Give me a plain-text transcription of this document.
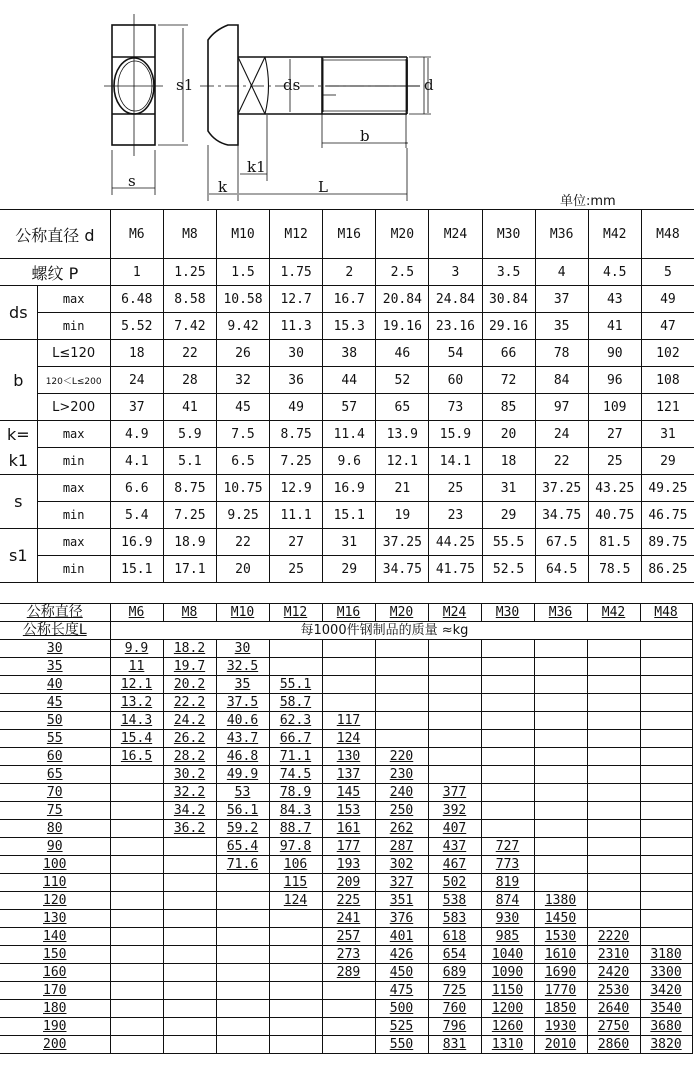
s1	ds	d
b
k1
s	k	L
单位:mm
公称直径 d		M6	M8	M10	M12	M16	M20	M24	M30	M36	M42	M48
螺纹 P		1	1.25	1.5	1.75	2	2.5	3	3.5	4	4.5	5
ds	max	6.48	8.58	10.58	12.7	16.7	20.84	24.84	30.84	37	43	49
	min	5.52	7.42	9.42	11.3	15.3	19.16	23.16	29.16	35	41	47
b	L≤120	18	22	26	30	38	46	54	66	78	90	102
	120＜L≤200	24	28	32	36	44	52	60	72	84	96	108
	L>200	37	41	45	49	57	65	73	85	97	109	121
k=	max	4.9	5.9	7.5	8.75	11.4	13.9	15.9	20	24	27	31
k1	min	4.1	5.1	6.5	7.25	9.6	12.1	14.1	18	22	25	29
s	max	6.6	8.75	10.75	12.9	16.9	21	25	31	37.25	43.25	49.25
	min	5.4	7.25	9.25	11.1	15.1	19	23	29	34.75	40.75	46.75
s1	max	16.9	18.9	22	27	31	37.25	44.25	55.5	67.5	81.5	89.75
	min	15.1	17.1	20	25	29	34.75	41.75	52.5	64.5	78.5	86.25
公称直径	M6	M8	M10	M12	M16	M20	M24	M30	M36	M42	M48
公称长度L	每1000件钢制品的质量 ≈kg										
30	9.9	18.2	30								
35	11	19.7	32.5								
40	12.1	20.2	35	55.1							
45	13.2	22.2	37.5	58.7							
50	14.3	24.2	40.6	62.3	117						
55	15.4	26.2	43.7	66.7	124						
60	16.5	28.2	46.8	71.1	130	220					
65		30.2	49.9	74.5	137	230					
70		32.2	53	78.9	145	240	377				
75		34.2	56.1	84.3	153	250	392				
80		36.2	59.2	88.7	161	262	407				
90			65.4	97.8	177	287	437	727			
100			71.6	106	193	302	467	773			
110				115	209	327	502	819			
120				124	225	351	538	874	1380		
130					241	376	583	930	1450		
140					257	401	618	985	1530	2220	
150					273	426	654	1040	1610	2310	3180
160					289	450	689	1090	1690	2420	3300
170						475	725	1150	1770	2530	3420
180						500	760	1200	1850	2640	3540
190						525	796	1260	1930	2750	3680
200						550	831	1310	2010	2860	3820
